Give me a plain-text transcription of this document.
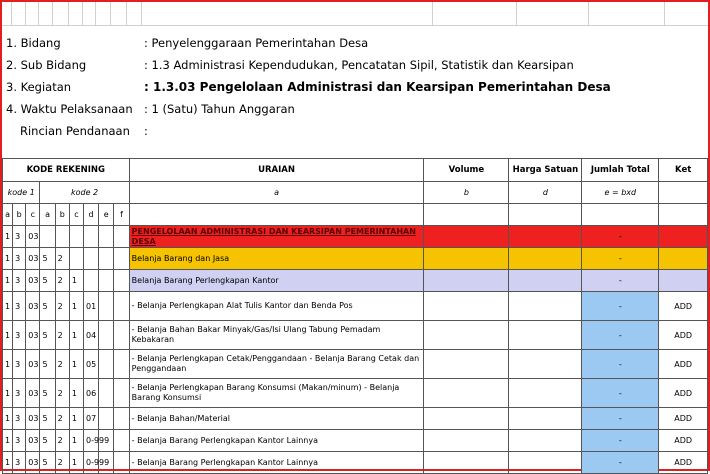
1. Bidang	: Penyelenggaraan Pemerintahan Desa
2. Sub Bidang	: 1.3 Administrasi Kependudukan, Pencatatan Sipil, Statistik dan Kearsipan
3. Kegiatan	: 1.3.03 Pengelolaan Administrasi dan Kearsipan Pemerintahan Desa
4. Waktu Pelaksanaan : 1 (Satu) Tahun Anggaran
Rincian Pendanaan :
KODE REKENING									URAIAN	Volume	Harga Satuan	Jumlah Total	Ket
kode 1			kode 2						a	b	d	e = bxd	
a	b	c	a	b	c	d	e	f					
1	3	03							PENGELOLAAN ADMINISTRASI DAN KEARSIPAN PEMERINTAHAN DESA			-	
1	3	03	5	2					Belanja Barang dan Jasa			-	
1	3	03	5	2	1				Belanja Barang Perlengkapan Kantor			-	
1	3	03	5	2	1	01			- Belanja Perlengkapan Alat Tulis Kantor dan Benda Pos			-	ADD
1	3	03	5	2	1	04			- Belanja Bahan Bakar Minyak/Gas/Isi Ulang Tabung Pemadam Kebakaran			-	ADD
1	3	03	5	2	1	05			- Belanja Perlengkapan Cetak/Penggandaan - Belanja Barang Cetak dan Penggandaan			-	ADD
1	3	03	5	2	1	06			- Belanja Perlengkapan Barang Konsumsi (Makan/minum) - Belanja Barang Konsumsi			-	ADD
1	3	03	5	2	1	07			- Belanja Bahan/Material			-	ADD
1	3	03	5	2	1	0-999			- Belanja Barang Perlengkapan Kantor Lainnya			-	ADD
1	3	03	5	2	1	0-999			- Belanja Barang Perlengkapan Kantor Lainnya			-	ADD
